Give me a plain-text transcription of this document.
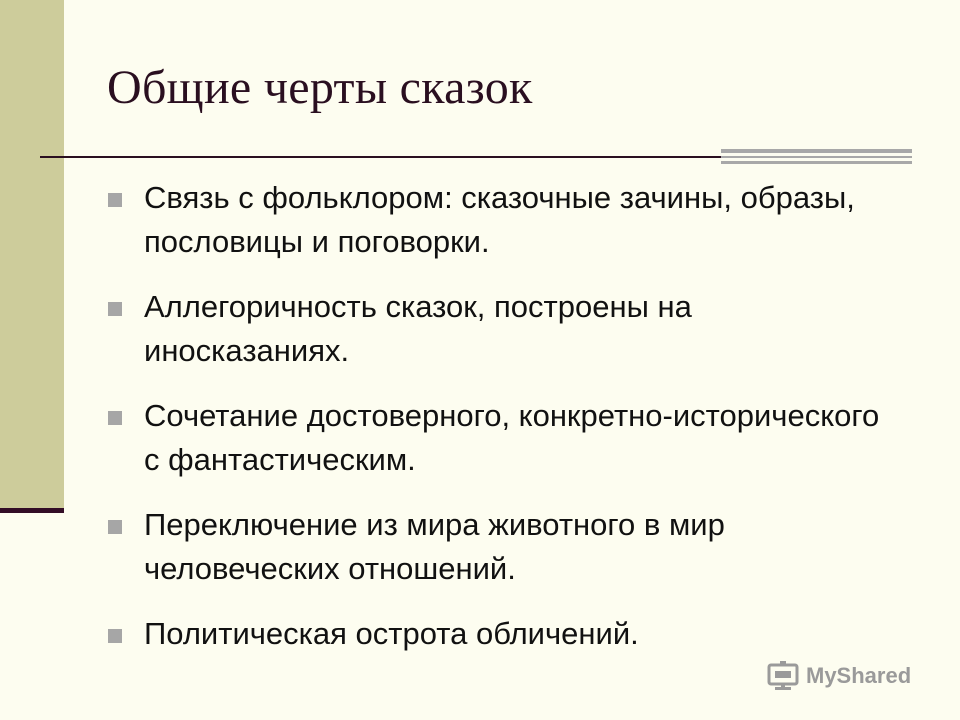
Общие черты сказок
Связь с фольклором: сказочные зачины, образы, пословицы и поговорки.
Аллегоричность сказок, построены на иносказаниях.
Сочетание достоверного, конкретно-исторического с фантастическим.
Переключение из мира животного в мир человеческих отношений.
Политическая острота обличений.
MyShared
